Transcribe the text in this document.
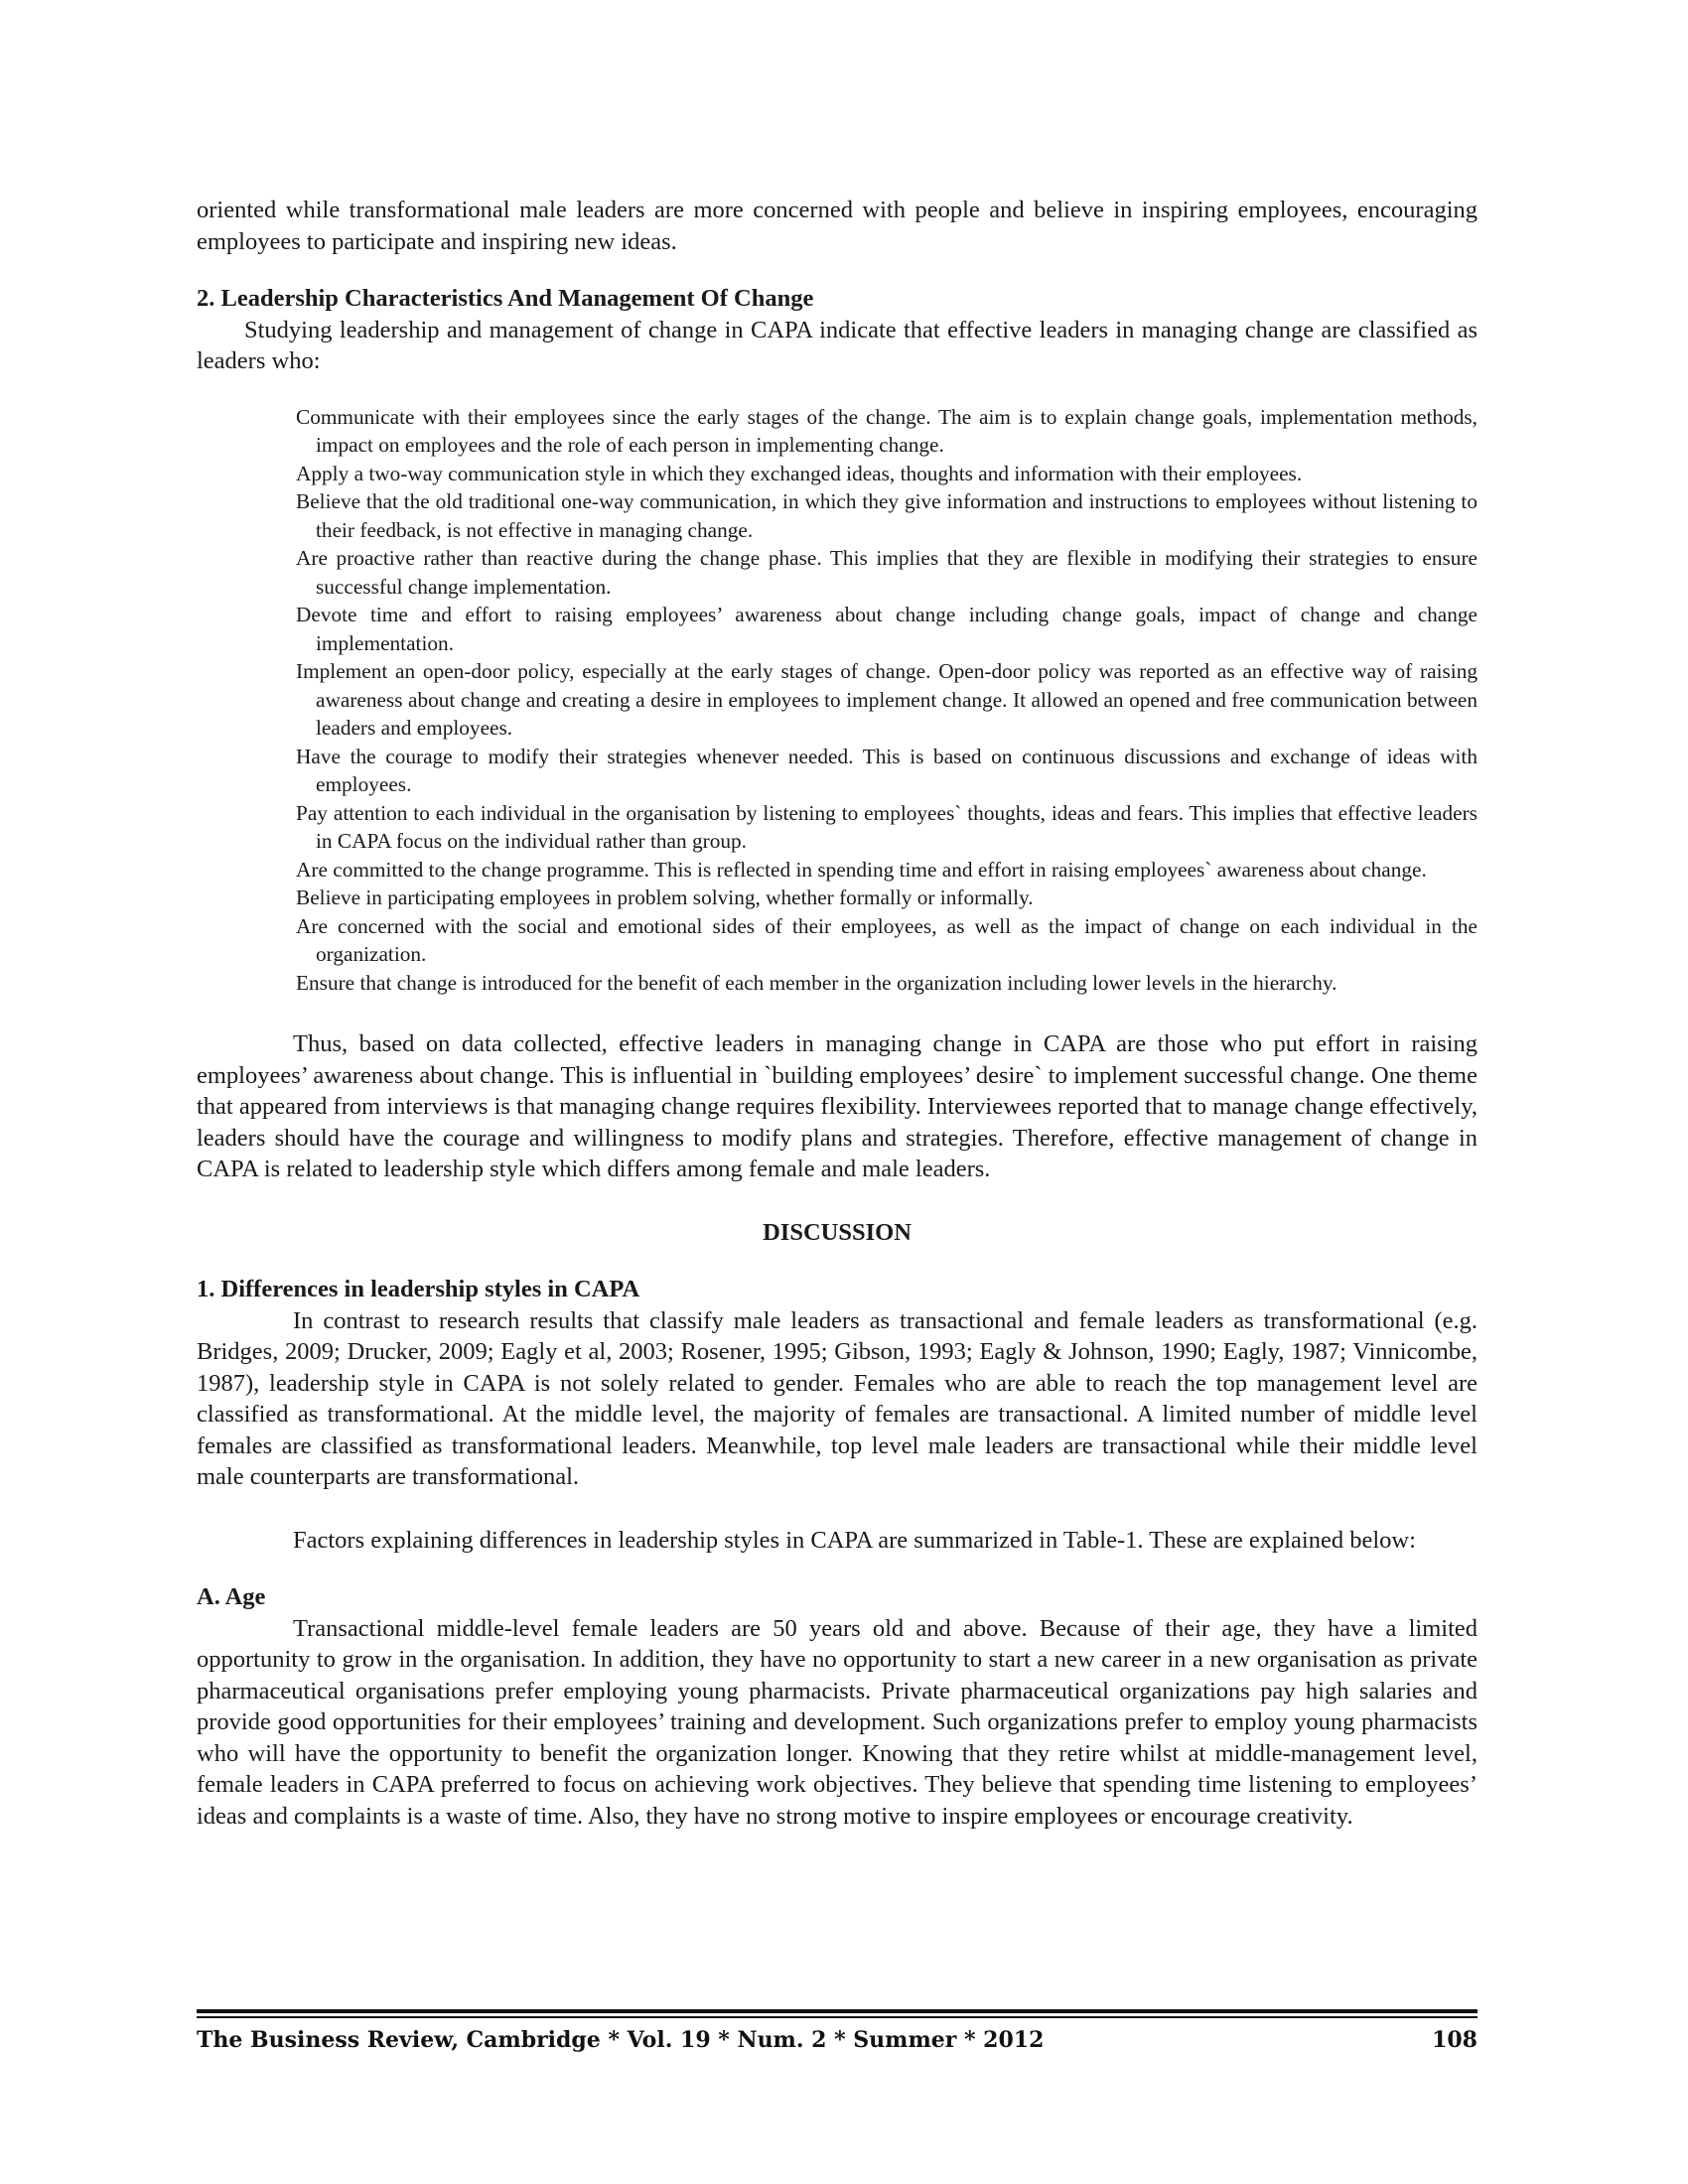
oriented while transformational male leaders are more concerned with people and believe in inspiring employees, encouraging employees to participate and inspiring new ideas.

2. Leadership Characteristics And Management Of Change

Studying leadership and management of change in CAPA indicate that effective leaders in managing change are classified as leaders who:

Communicate with their employees since the early stages of the change. The aim is to explain change goals, implementation methods, impact on employees and the role of each person in implementing change.
Apply a two-way communication style in which they exchanged ideas, thoughts and information with their employees.
Believe that the old traditional one-way communication, in which they give information and instructions to employees without listening to their feedback, is not effective in managing change.
Are proactive rather than reactive during the change phase. This implies that they are flexible in modifying their strategies to ensure successful change implementation.
Devote time and effort to raising employees’ awareness about change including change goals, impact of change and change implementation.
Implement an open-door policy, especially at the early stages of change. Open-door policy was reported as an effective way of raising awareness about change and creating a desire in employees to implement change. It allowed an opened and free communication between leaders and employees.
Have the courage to modify their strategies whenever needed. This is based on continuous discussions and exchange of ideas with employees.
Pay attention to each individual in the organisation by listening to employees` thoughts, ideas and fears. This implies that effective leaders in CAPA focus on the individual rather than group.
Are committed to the change programme. This is reflected in spending time and effort in raising employees` awareness about change.
Believe in participating employees in problem solving, whether formally or informally.
Are concerned with the social and emotional sides of their employees, as well as the impact of change on each individual in the organization.
Ensure that change is introduced for the benefit of each member in the organization including lower levels in the hierarchy.

Thus, based on data collected, effective leaders in managing change in CAPA are those who put effort in raising employees’ awareness about change. This is influential in `building employees’ desire` to implement successful change. One theme that appeared from interviews is that managing change requires flexibility. Interviewees reported that to manage change effectively, leaders should have the courage and willingness to modify plans and strategies. Therefore, effective management of change in CAPA is related to leadership style which differs among female and male leaders.

DISCUSSION

1. Differences in leadership styles in CAPA

In contrast to research results that classify male leaders as transactional and female leaders as transformational (e.g. Bridges, 2009; Drucker, 2009; Eagly et al, 2003; Rosener, 1995; Gibson, 1993; Eagly & Johnson, 1990; Eagly, 1987; Vinnicombe, 1987), leadership style in CAPA is not solely related to gender. Females who are able to reach the top management level are classified as transformational. At the middle level, the majority of females are transactional. A limited number of middle level females are classified as transformational leaders. Meanwhile, top level male leaders are transactional while their middle level male counterparts are transformational.

Factors explaining differences in leadership styles in CAPA are summarized in Table-1. These are explained below:

A. Age

Transactional middle-level female leaders are 50 years old and above. Because of their age, they have a limited opportunity to grow in the organisation. In addition, they have no opportunity to start a new career in a new organisation as private pharmaceutical organisations prefer employing young pharmacists. Private pharmaceutical organizations pay high salaries and provide good opportunities for their employees’ training and development. Such organizations prefer to employ young pharmacists who will have the opportunity to benefit the organization longer. Knowing that they retire whilst at middle-management level, female leaders in CAPA preferred to focus on achieving work objectives. They believe that spending time listening to employees’ ideas and complaints is a waste of time. Also, they have no strong motive to inspire employees or encourage creativity.

The Business Review, Cambridge * Vol. 19 * Num. 2 * Summer * 2012	108
